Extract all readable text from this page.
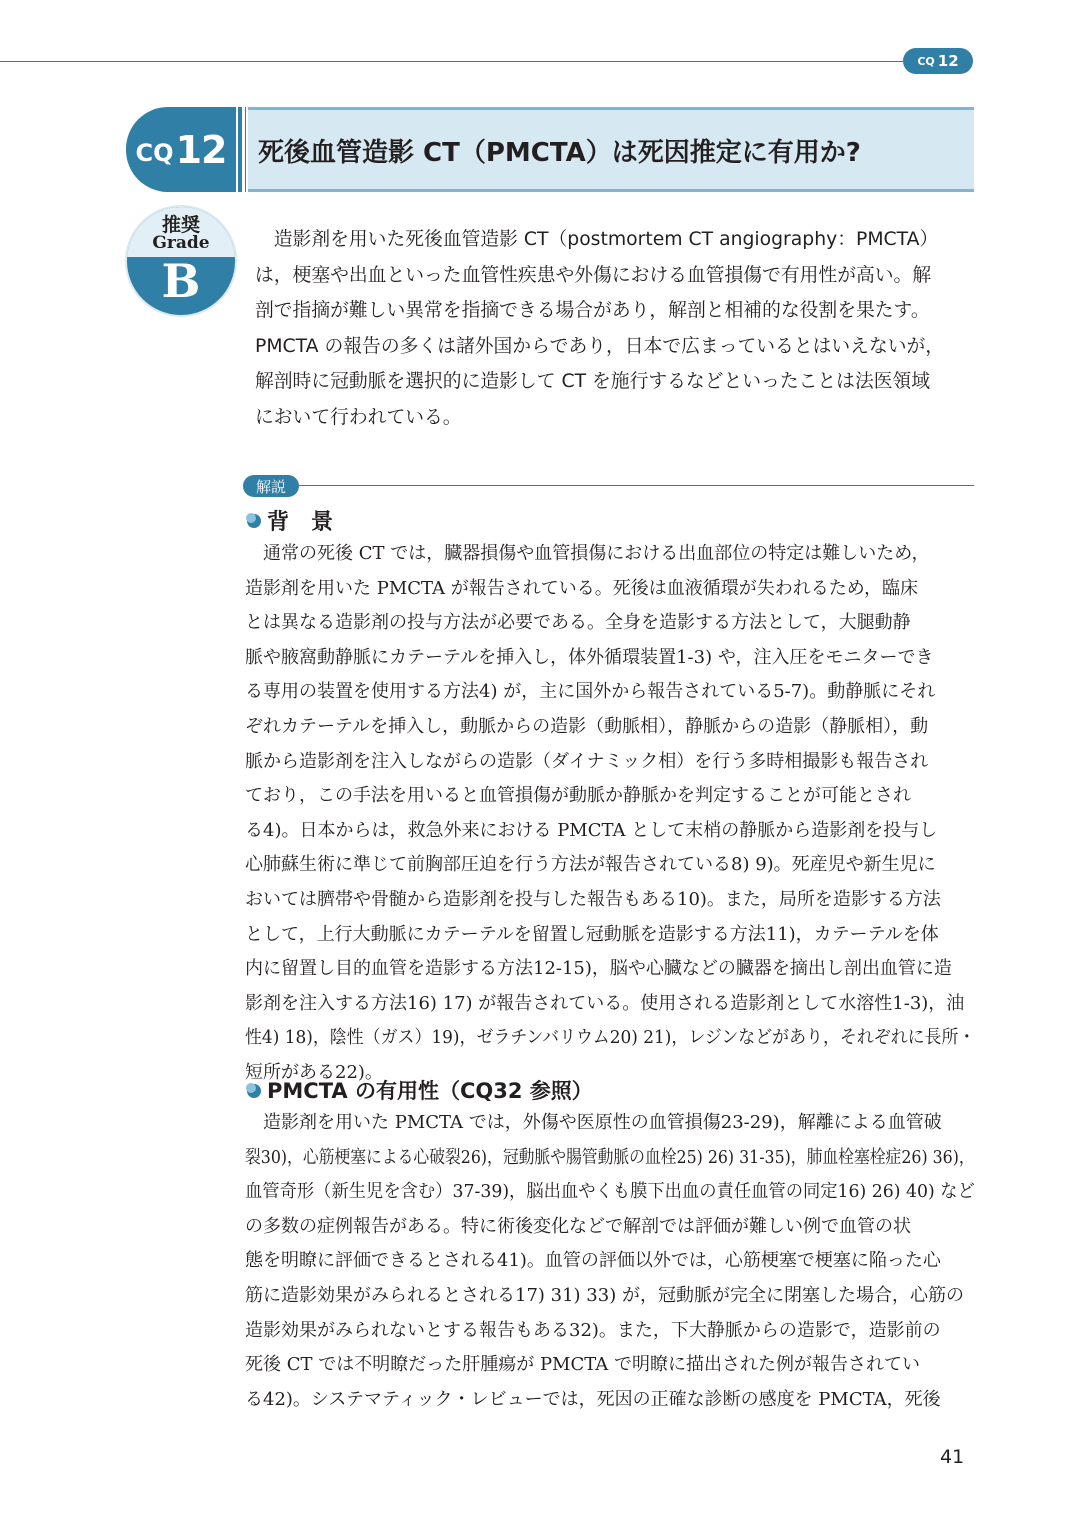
CQ 12
CQ 12 死後血管造影 CT（PMCTA）は死因推定に有用か?
推奨
Grade
B
　造影剤を用いた死後血管造影 CT（postmortem CT angiography：PMCTA）
は，梗塞や出血といった血管性疾患や外傷における血管損傷で有用性が高い。解
剖で指摘が難しい異常を指摘できる場合があり，解剖と相補的な役割を果たす。
PMCTA の報告の多くは諸外国からであり，日本で広まっているとはいえないが，
解剖時に冠動脈を選択的に造影して CT を施行するなどといったことは法医領域
において行われている。
解説
背　景
　通常の死後 CT では，臓器損傷や血管損傷における出血部位の特定は難しいため，
造影剤を用いた PMCTA が報告されている。死後は血液循環が失われるため，臨床
とは異なる造影剤の投与方法が必要である。全身を造影する方法として，大腿動静
脈や腋窩動静脈にカテーテルを挿入し，体外循環装置1-3) や，注入圧をモニターでき
る専用の装置を使用する方法4) が，主に国外から報告されている5-7)。動静脈にそれ
ぞれカテーテルを挿入し，動脈からの造影（動脈相），静脈からの造影（静脈相），動
脈から造影剤を注入しながらの造影（ダイナミック相）を行う多時相撮影も報告され
ており，この手法を用いると血管損傷が動脈か静脈かを判定することが可能とされ
る4)。日本からは，救急外来における PMCTA として末梢の静脈から造影剤を投与し
心肺蘇生術に準じて前胸部圧迫を行う方法が報告されている8) 9)。死産児や新生児に
おいては臍帯や骨髄から造影剤を投与した報告もある10)。また，局所を造影する方法
として，上行大動脈にカテーテルを留置し冠動脈を造影する方法11)，カテーテルを体
内に留置し目的血管を造影する方法12-15)，脳や心臓などの臓器を摘出し剖出血管に造
影剤を注入する方法16) 17) が報告されている。使用される造影剤として水溶性1-3)，油
性4) 18)，陰性（ガス）19)，ゼラチンバリウム20) 21)，レジンなどがあり，それぞれに長所・
短所がある22)。
PMCTA の有用性（CQ32 参照）
　造影剤を用いた PMCTA では，外傷や医原性の血管損傷23-29)，解離による血管破
裂30)，心筋梗塞による心破裂26)，冠動脈や腸管動脈の血栓25) 26) 31-35)，肺血栓塞栓症26) 36)，
血管奇形（新生児を含む）37-39)，脳出血やくも膜下出血の責任血管の同定16) 26) 40) など
の多数の症例報告がある。特に術後変化などで解剖では評価が難しい例で血管の状
態を明瞭に評価できるとされる41)。血管の評価以外では，心筋梗塞で梗塞に陥った心
筋に造影効果がみられるとされる17) 31) 33) が，冠動脈が完全に閉塞した場合，心筋の
造影効果がみられないとする報告もある32)。また，下大静脈からの造影で，造影前の
死後 CT では不明瞭だった肝腫瘍が PMCTA で明瞭に描出された例が報告されてい
る42)。システマティック・レビューでは，死因の正確な診断の感度を PMCTA，死後
41
